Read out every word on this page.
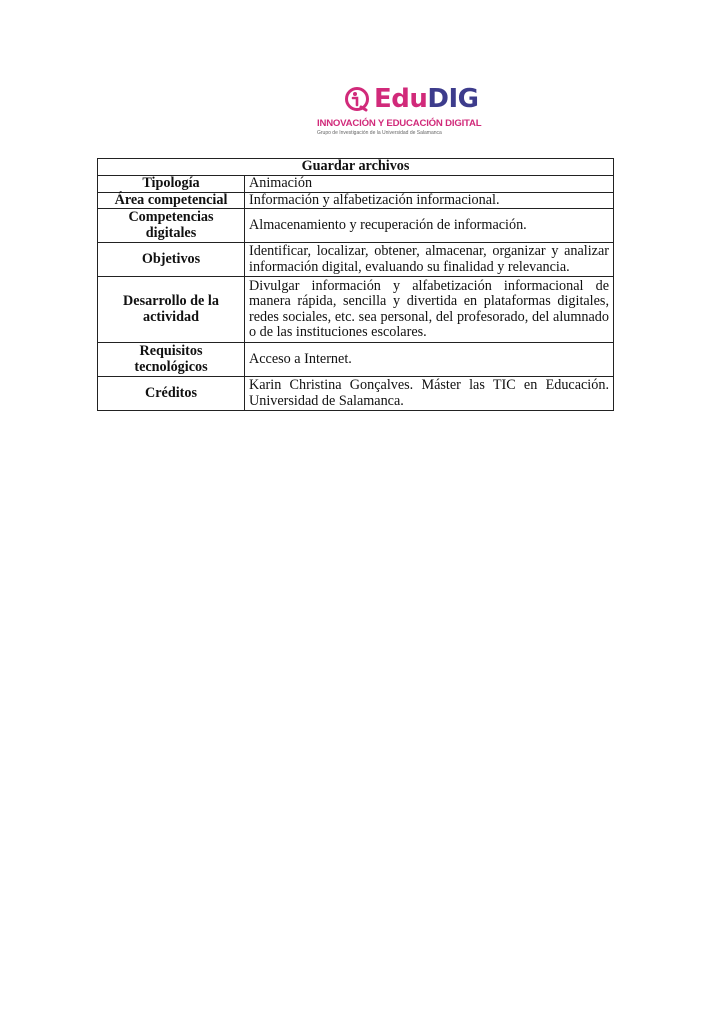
EduDIG
INNOVACIÓN Y EDUCACIÓN DIGITAL
Grupo de Investigación de la Universidad de Salamanca
Guardar archivos	
Tipología	Animación
Área competencial	Información y alfabetización informacional.
Competencias digitales	Almacenamiento y recuperación de información.
Objetivos	Identificar, localizar, obtener, almacenar, organizar y analizar información digital, evaluando su finalidad y relevancia.
Desarrollo de la actividad	Divulgar información y alfabetización informacional de manera rápida, sencilla y divertida en plataformas digitales, redes sociales, etc. sea personal, del profesorado, del alumnado o de las instituciones escolares.
Requisitos tecnológicos	Acceso a Internet.
Créditos	Karin Christina Gonçalves. Máster las TIC en Educación. Universidad de Salamanca.
